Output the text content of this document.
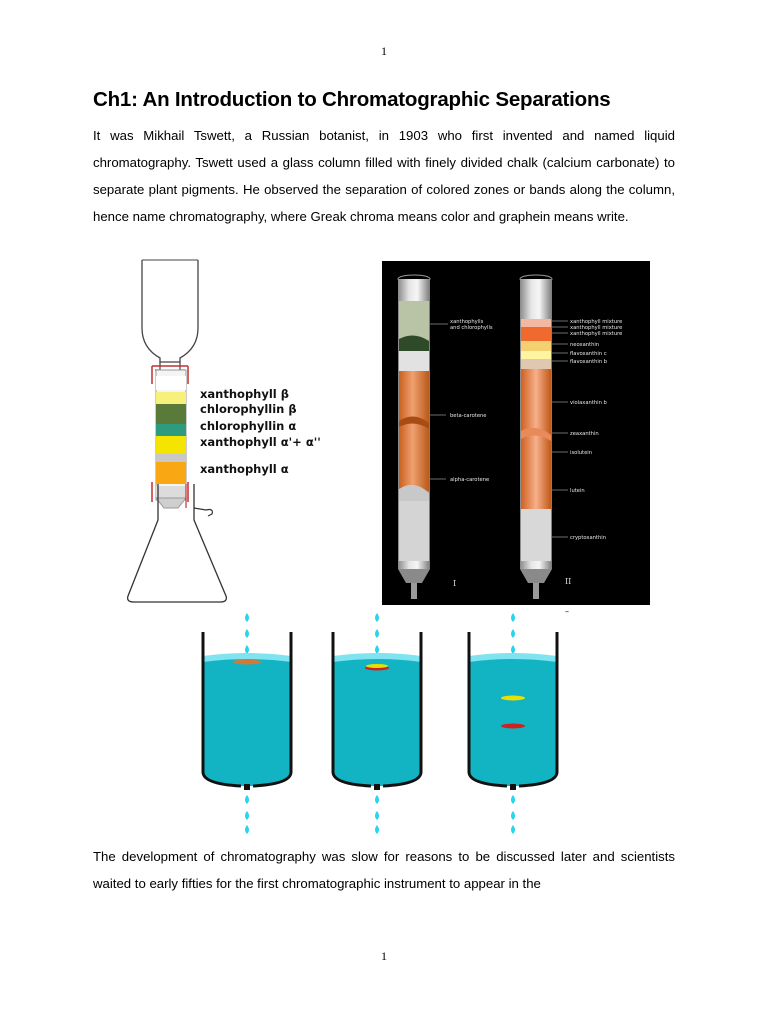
1
Ch1: An Introduction to Chromatographic Separations

It was Mikhail Tswett, a Russian botanist, in 1903 who first invented and named liquid chromatography. Tswett used a glass column filled with finely divided chalk (calcium carbonate) to separate plant pigments. He observed the separation of colored zones or bands along the column, hence name chromatography, where Greak chroma means color and graphein means write.

xanthophyll β
chlorophyllin β
chlorophyllin α
xanthophyll α'+ α''
xanthophyll α
xanthophylls
and chlorophylls
beta-carotene
alpha-carotene
xanthophyll mixture
xanthophyll mixture
xanthophyll mixture
neoxanthin
flavoxanthin c
flavoxanthin b
violaxanthin b
zeaxanthin
isolutein
lutein
cryptoxanthin
I	II
–

The development of chromatography was slow for reasons to be discussed later and scientists waited to early fifties for the first chromatographic instrument to appear in the

1
